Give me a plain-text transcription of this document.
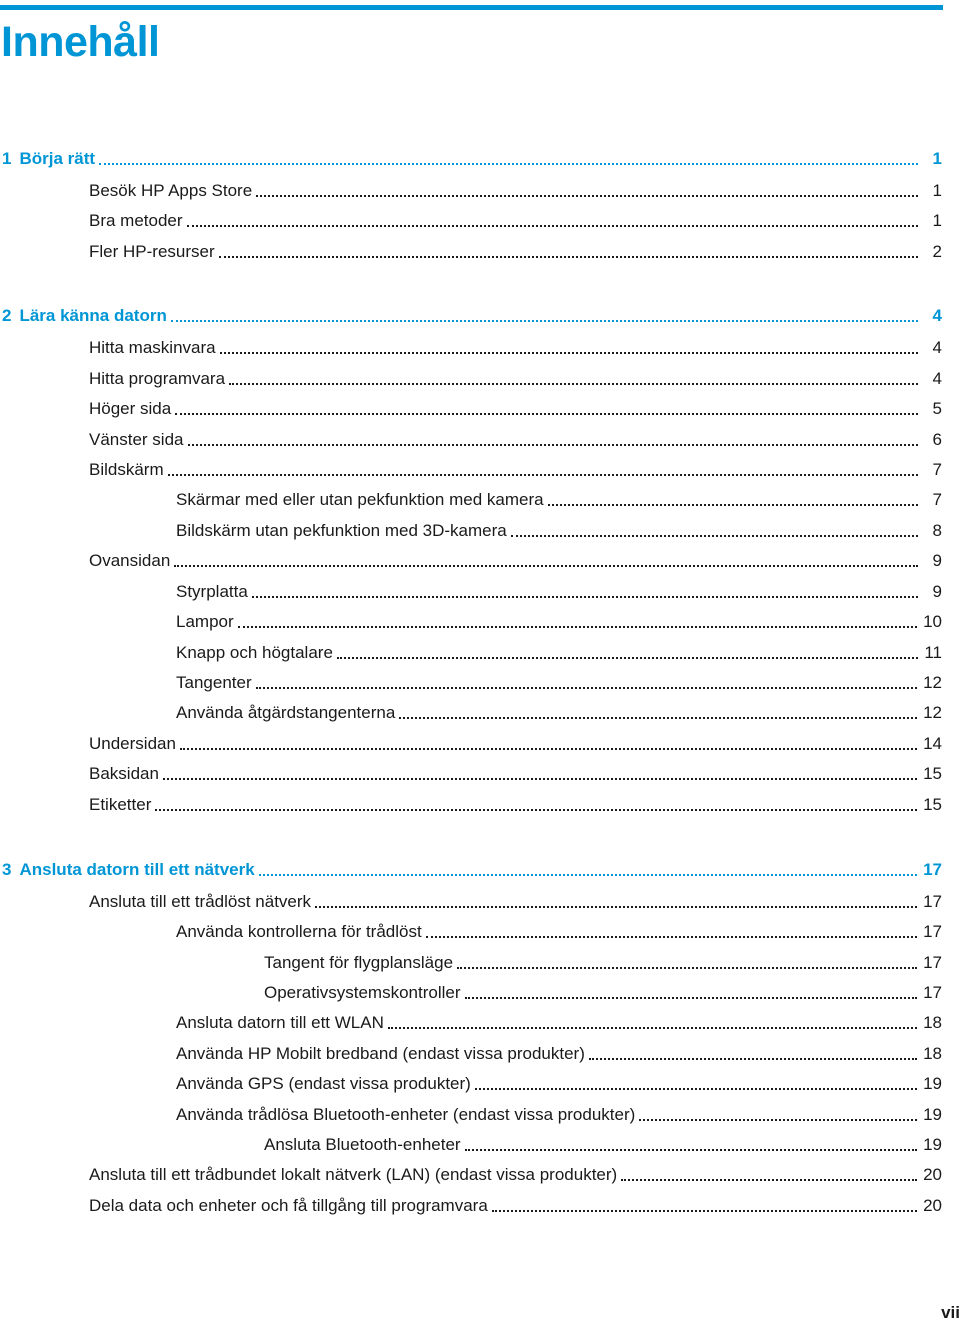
Innehåll
1 Börja rätt	1
Besök HP Apps Store	1
Bra metoder	1
Fler HP-resurser	2
2 Lära känna datorn	4
Hitta maskinvara	4
Hitta programvara	4
Höger sida	5
Vänster sida	6
Bildskärm	7
Skärmar med eller utan pekfunktion med kamera	7
Bildskärm utan pekfunktion med 3D-kamera	8
Ovansidan	9
Styrplatta	9
Lampor	10
Knapp och högtalare	11
Tangenter	12
Använda åtgärdstangenterna	12
Undersidan	14
Baksidan	15
Etiketter	15
3 Ansluta datorn till ett nätverk	17
Ansluta till ett trådlöst nätverk	17
Använda kontrollerna för trådlöst	17
Tangent för flygplansläge	17
Operativsystemskontroller	17
Ansluta datorn till ett WLAN	18
Använda HP Mobilt bredband (endast vissa produkter)	18
Använda GPS (endast vissa produkter)	19
Använda trådlösa Bluetooth-enheter (endast vissa produkter)	19
Ansluta Bluetooth-enheter	19
Ansluta till ett trådbundet lokalt nätverk (LAN) (endast vissa produkter)	20
Dela data och enheter och få tillgång till programvara	20
vii
